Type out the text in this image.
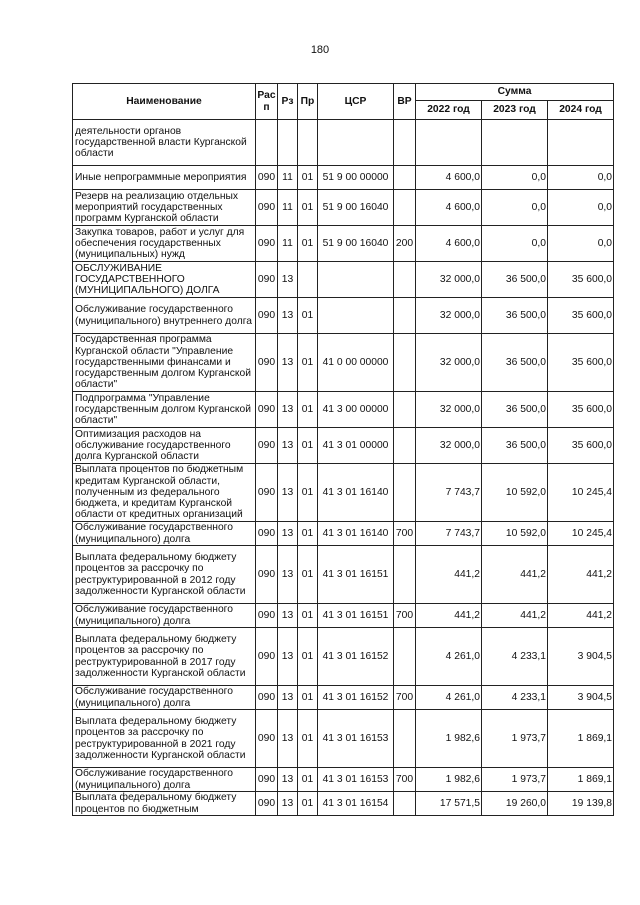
180
Наименование	Рас п	Рз	Пр	ЦСР	ВР	Сумма		
						2022 год	2023 год	2024 год
деятельности органов государственной власти Курганской области								
Иные непрограммные мероприятия	090	11	01	51 9 00 00000		4 600,0	0,0	0,0
Резерв на реализацию отдельных мероприятий государственных программ Курганской области	090	11	01	51 9 00 16040		4 600,0	0,0	0,0
Закупка товаров, работ и услуг для обеспечения государственных (муниципальных) нужд	090	11	01	51 9 00 16040	200	4 600,0	0,0	0,0
ОБСЛУЖИВАНИЕ ГОСУДАРСТВЕННОГО (МУНИЦИПАЛЬНОГО) ДОЛГА	090	13				32 000,0	36 500,0	35 600,0
Обслуживание государственного (муниципального) внутреннего долга	090	13	01			32 000,0	36 500,0	35 600,0
Государственная программа Курганской области "Управление государственными финансами и государственным долгом Курганской области"	090	13	01	41 0 00 00000		32 000,0	36 500,0	35 600,0
Подпрограмма "Управление государственным долгом Курганской области"	090	13	01	41 3 00 00000		32 000,0	36 500,0	35 600,0
Оптимизация расходов на обслуживание государственного долга Курганской области	090	13	01	41 3 01 00000		32 000,0	36 500,0	35 600,0
Выплата процентов по бюджетным кредитам Курганской области, полученным из федерального бюджета, и кредитам Курганской области от кредитных организаций	090	13	01	41 3 01 16140		7 743,7	10 592,0	10 245,4
Обслуживание государственного (муниципального) долга	090	13	01	41 3 01 16140	700	7 743,7	10 592,0	10 245,4
Выплата федеральному бюджету процентов за рассрочку по реструктурированной в 2012 году задолженности Курганской области	090	13	01	41 3 01 16151		441,2	441,2	441,2
Обслуживание государственного (муниципального) долга	090	13	01	41 3 01 16151	700	441,2	441,2	441,2
Выплата федеральному бюджету процентов за рассрочку по реструктурированной в 2017 году задолженности Курганской области	090	13	01	41 3 01 16152		4 261,0	4 233,1	3 904,5
Обслуживание государственного (муниципального) долга	090	13	01	41 3 01 16152	700	4 261,0	4 233,1	3 904,5
Выплата федеральному бюджету процентов за рассрочку по реструктурированной в 2021 году задолженности Курганской области	090	13	01	41 3 01 16153		1 982,6	1 973,7	1 869,1
Обслуживание государственного (муниципального) долга	090	13	01	41 3 01 16153	700	1 982,6	1 973,7	1 869,1
Выплата федеральному бюджету процентов по бюджетным	090	13	01	41 3 01 16154		17 571,5	19 260,0	19 139,8
